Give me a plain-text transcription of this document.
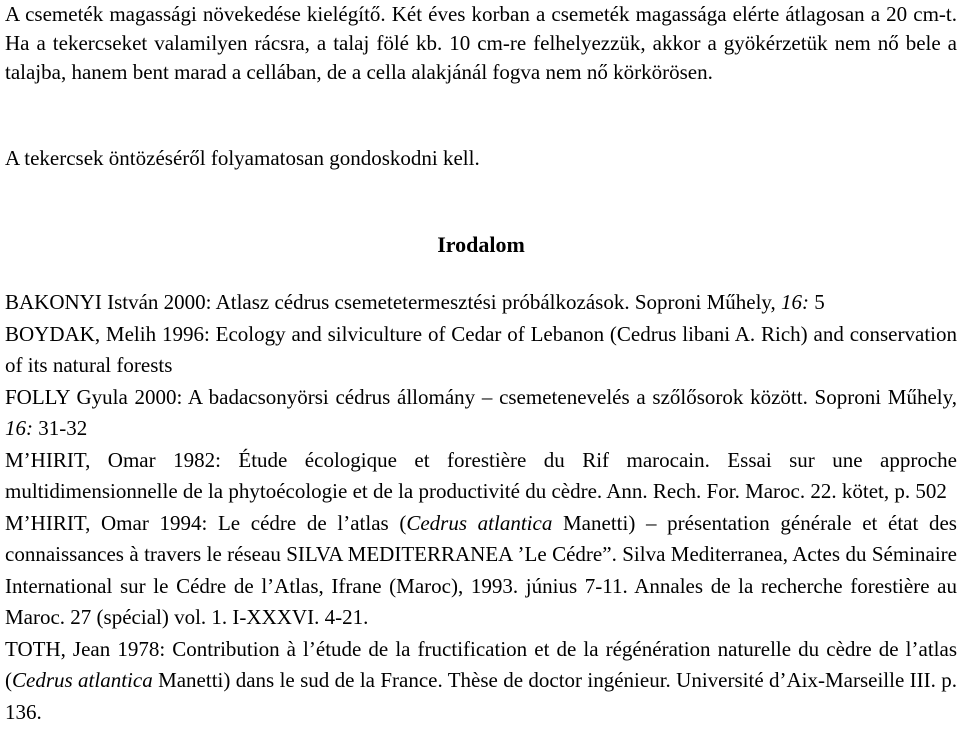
A csemeték magassági növekedése kielégítő. Két éves korban a csemeték magassága elérte átlagosan a 20 cm-t. Ha a tekercseket valamilyen rácsra, a talaj fölé kb. 10 cm-re felhelyezzük, akkor a gyökérzetük nem nő bele a talajba, hanem bent marad a cellában, de a cella alakjánál fogva nem nő körkörösen.

A tekercsek öntözéséről folyamatosan gondoskodni kell.

Irodalom

BAKONYI István 2000: Atlasz cédrus csemetetermesztési próbálkozások. Soproni Műhely, 16: 5

BOYDAK, Melih 1996: Ecology and silviculture of Cedar of Lebanon (Cedrus libani A. Rich) and conservation of its natural forests

FOLLY Gyula 2000: A badacsonyörsi cédrus állomány – csemetenevelés a szőlősorok között. Soproni Műhely, 16: 31-32

M’HIRIT, Omar 1982: Étude écologique et forestière du Rif marocain. Essai sur une approche multidimensionnelle de la phytoécologie et de la productivité du cèdre. Ann. Rech. For. Maroc. 22. kötet, p. 502

M’HIRIT, Omar 1994: Le cédre de l’atlas (Cedrus atlantica Manetti) – présentation générale et état des connaissances à travers le réseau SILVA MEDITERRANEA ’Le Cédre”. Silva Mediterranea, Actes du Séminaire International sur le Cédre de l’Atlas, Ifrane (Maroc), 1993. június 7-11. Annales de la recherche forestière au Maroc. 27 (spécial) vol. 1. I-XXXVI. 4-21.

TOTH, Jean 1978: Contribution à l’étude de la fructification et de la régénération naturelle du cèdre de l’atlas (Cedrus atlantica Manetti) dans le sud de la France. Thèse de doctor ingénieur. Université d’Aix-Marseille III. p. 136.
